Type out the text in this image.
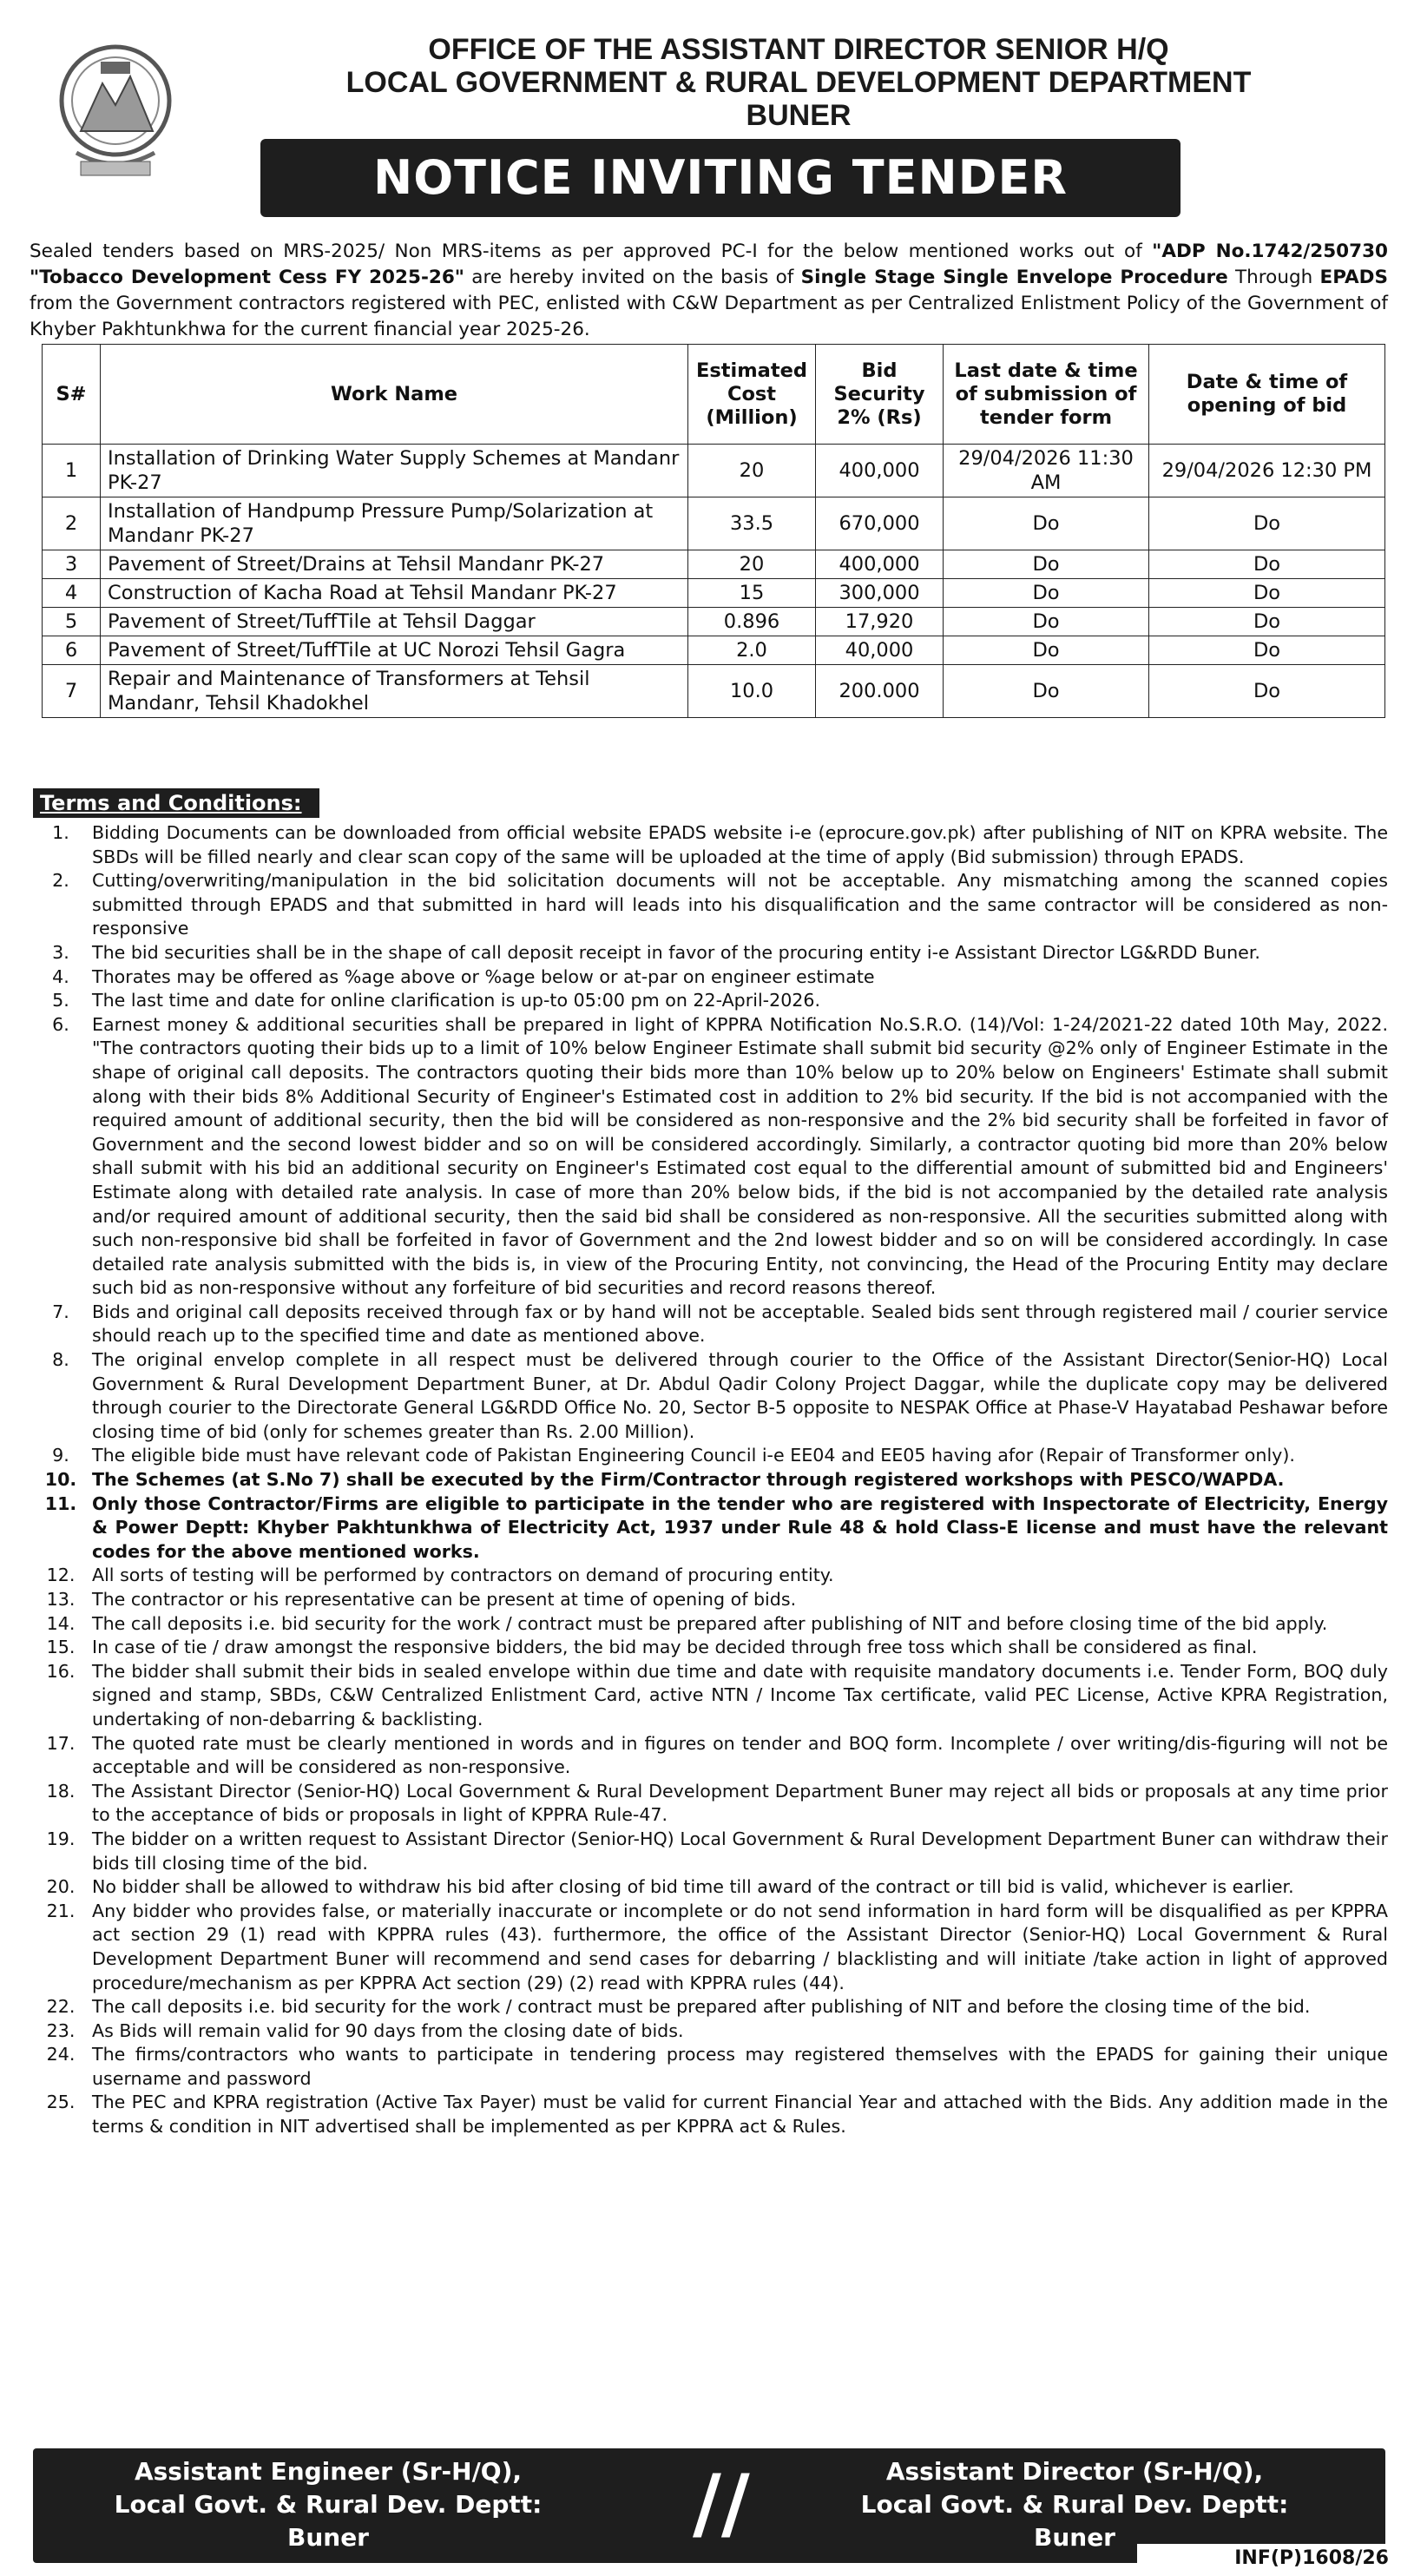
OFFICE OF THE ASSISTANT DIRECTOR SENIOR H/Q
LOCAL GOVERNMENT & RURAL DEVELOPMENT DEPARTMENT
BUNER
NOTICE INVITING TENDER
Sealed tenders based on MRS-2025/ Non MRS-items as per approved PC-I for the below mentioned works out of "ADP No.1742/250730 "Tobacco Development Cess FY 2025-26" are hereby invited on the basis of Single Stage Single Envelope Procedure Through EPADS from the Government contractors registered with PEC, enlisted with C&W Department as per Centralized Enlistment Policy of the Government of Khyber Pakhtunkhwa for the current financial year 2025-26.
S#	Work Name	Estimated Cost (Million)	Bid Security 2% (Rs)	Last date & time of submission of tender form	Date & time of opening of bid
1	Installation of Drinking Water Supply Schemes at Mandanr PK-27	20	400,000	29/04/2026 11:30 AM	29/04/2026 12:30 PM
2	Installation of Handpump Pressure Pump/Solarization at Mandanr PK-27	33.5	670,000	Do	Do
3	Pavement of Street/Drains at Tehsil Mandanr PK-27	20	400,000	Do	Do
4	Construction of Kacha Road at Tehsil Mandanr PK-27	15	300,000	Do	Do
5	Pavement of Street/TuffTile at Tehsil Daggar	0.896	17,920	Do	Do
6	Pavement of Street/TuffTile at UC Norozi Tehsil Gagra	2.0	40,000	Do	Do
7	Repair and Maintenance of Transformers at Tehsil Mandanr, Tehsil Khadokhel	10.0	200.000	Do	Do
Terms and Conditions:
1.	Bidding Documents can be downloaded from official website EPADS website i-e (eprocure.gov.pk) after publishing of NIT on KPRA website. The SBDs will be filled nearly and clear scan copy of the same will be uploaded at the time of apply (Bid submission) through EPADS.
2.	Cutting/overwriting/manipulation in the bid solicitation documents will not be acceptable. Any mismatching among the scanned copies submitted through EPADS and that submitted in hard will leads into his disqualification and the same contractor will be considered as non-responsive
3.	The bid securities shall be in the shape of call deposit receipt in favor of the procuring entity i-e Assistant Director LG&RDD Buner.
4.	Thorates may be offered as %age above or %age below or at-par on engineer estimate
5.	The last time and date for online clarification is up-to 05:00 pm on 22-April-2026.
6.	Earnest money & additional securities shall be prepared in light of KPPRA Notification No.S.R.O. (14)/Vol: 1-24/2021-22 dated 10th May, 2022. "The contractors quoting their bids up to a limit of 10% below Engineer Estimate shall submit bid security @2% only of Engineer Estimate in the shape of original call deposits. The contractors quoting their bids more than 10% below up to 20% below on Engineers' Estimate shall submit along with their bids 8% Additional Security of Engineer's Estimated cost in addition to 2% bid security. If the bid is not accompanied with the required amount of additional security, then the bid will be considered as non-responsive and the 2% bid security shall be forfeited in favor of Government and the second lowest bidder and so on will be considered accordingly. Similarly, a contractor quoting bid more than 20% below shall submit with his bid an additional security on Engineer's Estimated cost equal to the differential amount of submitted bid and Engineers' Estimate along with detailed rate analysis. In case of more than 20% below bids, if the bid is not accompanied by the detailed rate analysis and/or required amount of additional security, then the said bid shall be considered as non-responsive. All the securities submitted along with such non-responsive bid shall be forfeited in favor of Government and the 2nd lowest bidder and so on will be considered accordingly. In case detailed rate analysis submitted with the bids is, in view of the Procuring Entity, not convincing, the Head of the Procuring Entity may declare such bid as non-responsive without any forfeiture of bid securities and record reasons thereof.
7.	Bids and original call deposits received through fax or by hand will not be acceptable. Sealed bids sent through registered mail / courier service should reach up to the specified time and date as mentioned above.
8.	The original envelop complete in all respect must be delivered through courier to the Office of the Assistant Director(Senior-HQ) Local Government & Rural Development Department Buner, at Dr. Abdul Qadir Colony Project Daggar, while the duplicate copy may be delivered through courier to the Directorate General LG&RDD Office No. 20, Sector B-5 opposite to NESPAK Office at Phase-V Hayatabad Peshawar before closing time of bid (only for schemes greater than Rs. 2.00 Million).
9.	The eligible bide must have relevant code of Pakistan Engineering Council i-e EE04 and EE05 having afor (Repair of Transformer only).
10. The Schemes (at S.No 7) shall be executed by the Firm/Contractor through registered workshops with PESCO/WAPDA.
11. Only those Contractor/Firms are eligible to participate in the tender who are registered with Inspectorate of Electricity, Energy & Power Deptt: Khyber Pakhtunkhwa of Electricity Act, 1937 under Rule 48 & hold Class-E license and must have the relevant codes for the above mentioned works.
12. All sorts of testing will be performed by contractors on demand of procuring entity.
13. The contractor or his representative can be present at time of opening of bids.
14. The call deposits i.e. bid security for the work / contract must be prepared after publishing of NIT and before closing time of the bid apply.
15. In case of tie / draw amongst the responsive bidders, the bid may be decided through free toss which shall be considered as final.
16. The bidder shall submit their bids in sealed envelope within due time and date with requisite mandatory documents i.e. Tender Form, BOQ duly signed and stamp, SBDs, C&W Centralized Enlistment Card, active NTN / Income Tax certificate, valid PEC License, Active KPRA Registration, undertaking of non-debarring & backlisting.
17. The quoted rate must be clearly mentioned in words and in figures on tender and BOQ form. Incomplete / over writing/dis-figuring will not be acceptable and will be considered as non-responsive.
18. The Assistant Director (Senior-HQ) Local Government & Rural Development Department Buner may reject all bids or proposals at any time prior to the acceptance of bids or proposals in light of KPPRA Rule-47.
19. The bidder on a written request to Assistant Director (Senior-HQ) Local Government & Rural Development Department Buner can withdraw their bids till closing time of the bid.
20. No bidder shall be allowed to withdraw his bid after closing of bid time till award of the contract or till bid is valid, whichever is earlier.
21. Any bidder who provides false, or materially inaccurate or incomplete or do not send information in hard form will be disqualified as per KPPRA act section 29 (1) read with KPPRA rules (43). furthermore, the office of the Assistant Director (Senior-HQ) Local Government & Rural Development Department Buner will recommend and send cases for debarring / blacklisting and will initiate /take action in light of approved procedure/mechanism as per KPPRA Act section (29) (2) read with KPPRA rules (44).
22. The call deposits i.e. bid security for the work / contract must be prepared after publishing of NIT and before the closing time of the bid.
23. As Bids will remain valid for 90 days from the closing date of bids.
24. The firms/contractors who wants to participate in tendering process may registered themselves with the EPADS for gaining their unique username and password
25. The PEC and KPRA registration (Active Tax Payer) must be valid for current Financial Year and attached with the Bids. Any addition made in the terms & condition in NIT advertised shall be implemented as per KPPRA act & Rules.
Assistant Engineer (Sr-H/Q),
Local Govt. & Rural Dev. Deptt:
Buner	//	Assistant Director (Sr-H/Q),
Local Govt. & Rural Dev. Deptt:
Buner
INF(P)1608/26
